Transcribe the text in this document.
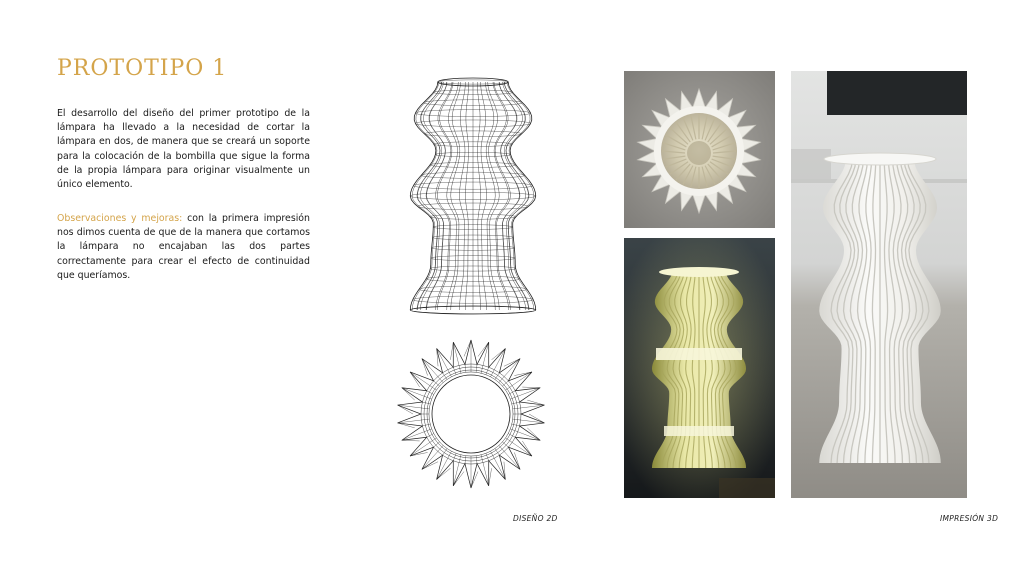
PROTOTIPO 1

El desarrollo del diseño del primer prototipo de la lámpara ha llevado a la necesidad de cortar la lámpara en dos, de manera que se creará un soporte para la colocación de la bombilla que sigue la forma de la propia lámpara para originar visualmente un único elemento.

Observaciones y mejoras: con la primera impresión nos dimos cuenta de que de la manera que cortamos la lámpara no encajaban las dos partes correctamente para crear el efecto de continuidad que queríamos.

DISEÑO 2D	IMPRESIÓN 3D
